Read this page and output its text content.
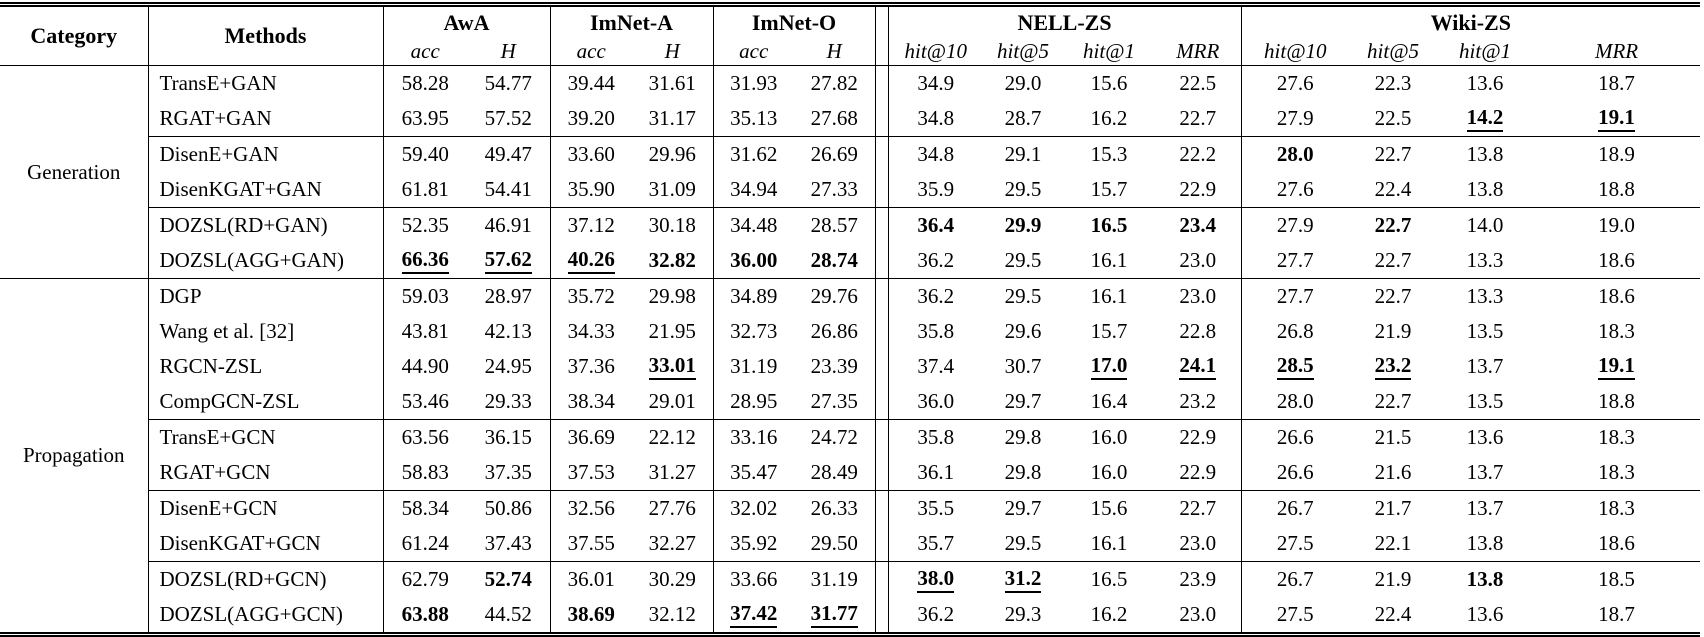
Category	Methods	AwA		ImNet-A		ImNet-O			NELL-ZS				Wiki-ZS			
		acc	H	acc	H	acc	H		hit@10	hit@5	hit@1	MRR	hit@10	hit@5	hit@1	MRR
Generation	TransE+GAN	58.28	54.77	39.44	31.61	31.93	27.82		34.9	29.0	15.6	22.5	27.6	22.3	13.6	18.7
	RGAT+GAN	63.95	57.52	39.20	31.17	35.13	27.68		34.8	28.7	16.2	22.7	27.9	22.5	14.2	19.1
	DisenE+GAN	59.40	49.47	33.60	29.96	31.62	26.69		34.8	29.1	15.3	22.2	28.0	22.7	13.8	18.9
	DisenKGAT+GAN	61.81	54.41	35.90	31.09	34.94	27.33		35.9	29.5	15.7	22.9	27.6	22.4	13.8	18.8
	DOZSL(RD+GAN)	52.35	46.91	37.12	30.18	34.48	28.57		36.4	29.9	16.5	23.4	27.9	22.7	14.0	19.0
	DOZSL(AGG+GAN)	66.36	57.62	40.26	32.82	36.00	28.74		36.2	29.5	16.1	23.0	27.7	22.7	13.3	18.6
Propagation	DGP	59.03	28.97	35.72	29.98	34.89	29.76		36.2	29.5	16.1	23.0	27.7	22.7	13.3	18.6
	Wang et al. [32]	43.81	42.13	34.33	21.95	32.73	26.86		35.8	29.6	15.7	22.8	26.8	21.9	13.5	18.3
	RGCN-ZSL	44.90	24.95	37.36	33.01	31.19	23.39		37.4	30.7	17.0	24.1	28.5	23.2	13.7	19.1
	CompGCN-ZSL	53.46	29.33	38.34	29.01	28.95	27.35		36.0	29.7	16.4	23.2	28.0	22.7	13.5	18.8
	TransE+GCN	63.56	36.15	36.69	22.12	33.16	24.72		35.8	29.8	16.0	22.9	26.6	21.5	13.6	18.3
	RGAT+GCN	58.83	37.35	37.53	31.27	35.47	28.49		36.1	29.8	16.0	22.9	26.6	21.6	13.7	18.3
	DisenE+GCN	58.34	50.86	32.56	27.76	32.02	26.33		35.5	29.7	15.6	22.7	26.7	21.7	13.7	18.3
	DisenKGAT+GCN	61.24	37.43	37.55	32.27	35.92	29.50		35.7	29.5	16.1	23.0	27.5	22.1	13.8	18.6
	DOZSL(RD+GCN)	62.79	52.74	36.01	30.29	33.66	31.19		38.0	31.2	16.5	23.9	26.7	21.9	13.8	18.5
	DOZSL(AGG+GCN)	63.88	44.52	38.69	32.12	37.42	31.77		36.2	29.3	16.2	23.0	27.5	22.4	13.6	18.7
